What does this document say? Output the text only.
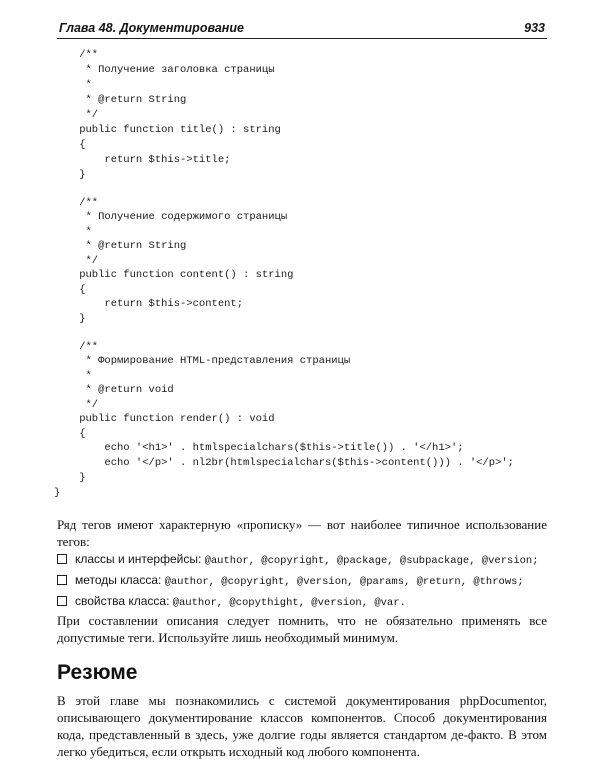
Глава 48. Документирование	933
/**
* Получение заголовка страницы
*
* @return String
*/
public function title() : string
{
return $this->title;
}
/**
* Получение содержимого страницы
*
* @return String
*/
public function content() : string
{
return $this->content;
}
/**
* Формирование HTML-представления страницы
*
* @return void
*/
public function render() : void
{
echo '<h1>' . htmlspecialchars($this->title()) . '</h1>';
echo '</p>' . nl2br(htmlspecialchars($this->content())) . '</p>';
}
}

Ряд тегов имеют характерную «прописку» — вот наиболее типичное использование тегов:

классы и интерфейсы: @author, @copyright, @package, @subpackage, @version;
методы класса: @author, @copyright, @version, @params, @return, @throws;
свойства класса: @author, @copythight, @version, @var.

При составлении описания следует помнить, что не обязательно применять все допустимые теги. Используйте лишь необходимый минимум.

Резюме

В этой главе мы познакомились с системой документирования phpDocumentor, описывающего документирование классов компонентов. Способ документирования кода, представленный в здесь, уже долгие годы является стандартом де-факто. В этом легко убедиться, если открыть исходный код любого компонента.
